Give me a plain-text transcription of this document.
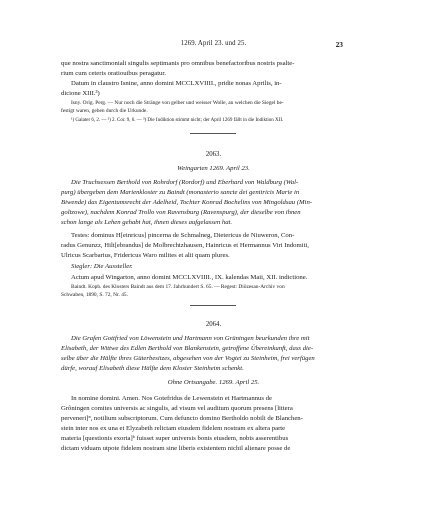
1269. April 23. und 25.	23
que nostra sanctimoniali singulis septimanis pro omnibus benefactoribus nostris psalte-
rium cum ceteris oratiouibus peragatur.
Datum in claustro Isnine, anno domini MCCLXVIIII., pridie nonas Aprilis, in-
dicione XIII.³)
Isny. Orig. Perg. — Nur noch die Stränge von gelber und weisser Wolle, an welchen die Siegel be-
festigt waren, geben durch die Urkunde.
¹) Galater 6, 2. — ²) 2. Cor. 9, 6. — ³) Die Indiktion stimmt nicht; der April 1269 fällt in die Indiktion XII.
2063.
Weingarten 1269. April 23.
Die Truchsessen Berthold von Rohrdorf (Rordorf) und Eberhard von Waldburg (Wal-
purg) übergeben dem Marienkloster zu Baindt (monasterio sancte dei genitricis Marie in
Biwende) das Eigentumsrecht der Adelheid, Tochter Konrad Bochelins von Mingoldsau (Min-
goltzowe), nachdem Konrad Trollo von Ravensburg (Ravenspurg), der dieselbe von ihnen
schon lange als Lehen gehabt hat, ihnen dieses aufgelassen hat.
Testes: dominus H[einricus] pincerna de Schmalneg, Dietericus de Niuweron, Con-
radus Genunzz, Hilt[ebrandus] de Molbrechtzhausen, Hainricus et Hermannus Viri Indomiti,
Ulricus Scarbarius, Fridericus Waro milites et alii quam plures.
Siegler: Die Aussteller.
Actum apud Wingarton, anno domini MCCLXVIIII., IX. kalendas Maii, XII. indictione.
Baindt. Kopb. des Klosters Baindt aus dem 17. Jahrhundert S. 65. — Regest: Diözesan-Archiv von
Schwaben, 1890, S. 72, Nr. 45.
2064.
Die Grafen Gottfried von Löwenstein und Hartmann von Grüningen beurkunden ihre mit
Elisabeth, der Wittwe des Edlen Berthold von Blankenstein, getroffene Übereinkunft, dass die-
selbe über die Hälfte ihres Güterbesitzes, abgesehen von der Vogtei zu Steinheim, frei verfügen
dürfe, worauf Elisabeth diese Hälfte dem Kloster Steinheim schenkt.
Ohne Ortsangabe. 1269. April 25.
In nomine domini. Amen. Nos Gotefridus de Lewenstein et Hartmannus de
Grôningen comites universis ac singulis, ad visum vel auditum quorum presens [littera
perveneri]ⁿ, notilium subscriptorum. Cum defuncto domino Bertholdo nobili de Blanchen-
stein inter nos ex una et Elyzabeth relictam eiusdem fidelem nostram ex altera parte
materia [questionis exorta]ᵇ fuisset super universis bonis eiusdem, nobis asserentibus
dictam viduam utpote fidelem nostram sine liberis existentem nichil alienare posse de
